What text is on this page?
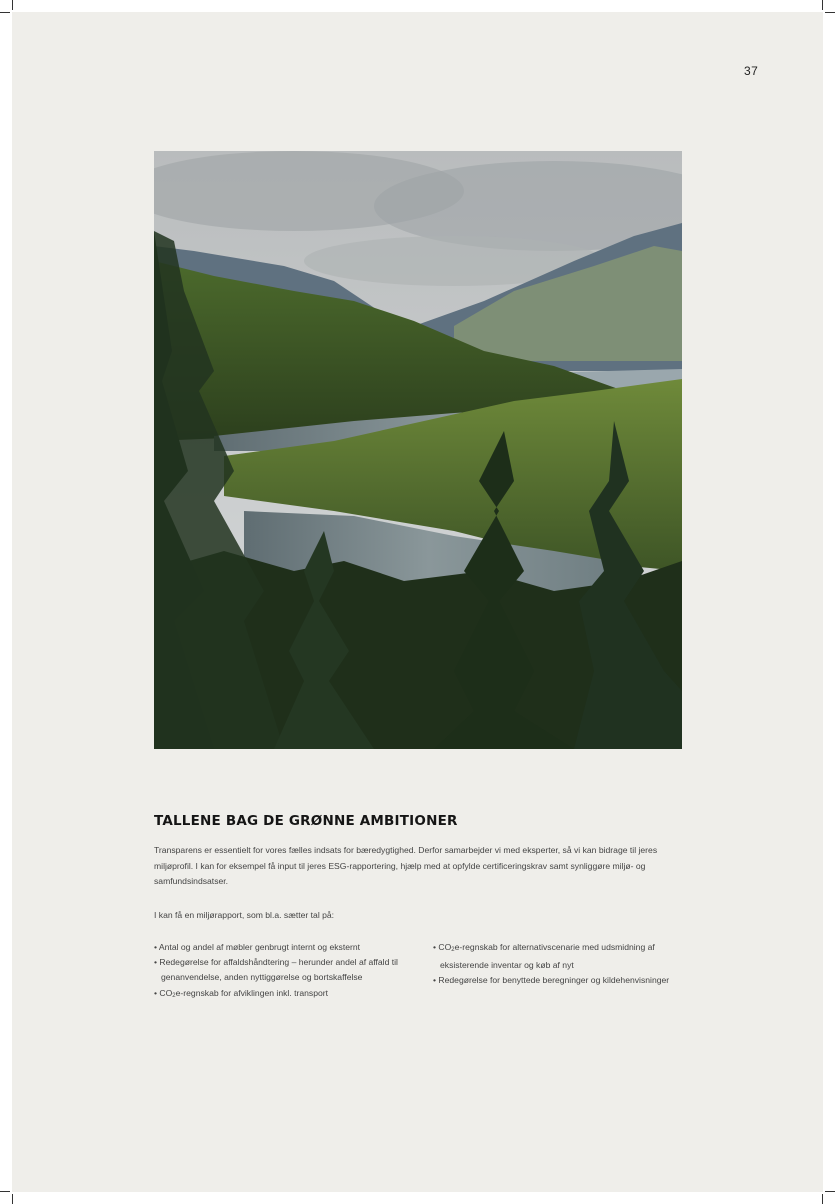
37
TALLENE BAG DE GRØNNE AMBITIONER

Transparens er essentielt for vores fælles indsats for bæredygtighed. Derfor samarbejder vi med eksperter, så vi kan bidrage til jeres miljøprofil. I kan for eksempel få input til jeres ESG-rapportering, hjælp med at opfylde certificeringskrav samt synliggøre miljø- og samfundsindsatser.

I kan få en miljørapport, som bl.a. sætter tal på:

• Antal og andel af møbler genbrugt internt og eksternt
• Redegørelse for affaldshåndtering – herunder andel af affald til genanvendelse, anden nyttiggørelse og bortskaffelse
• CO2e-regnskab for afviklingen inkl. transport
• CO2e-regnskab for alternativscenarie med udsmidning af eksisterende inventar og køb af nyt
• Redegørelse for benyttede beregninger og kildehenvisninger
